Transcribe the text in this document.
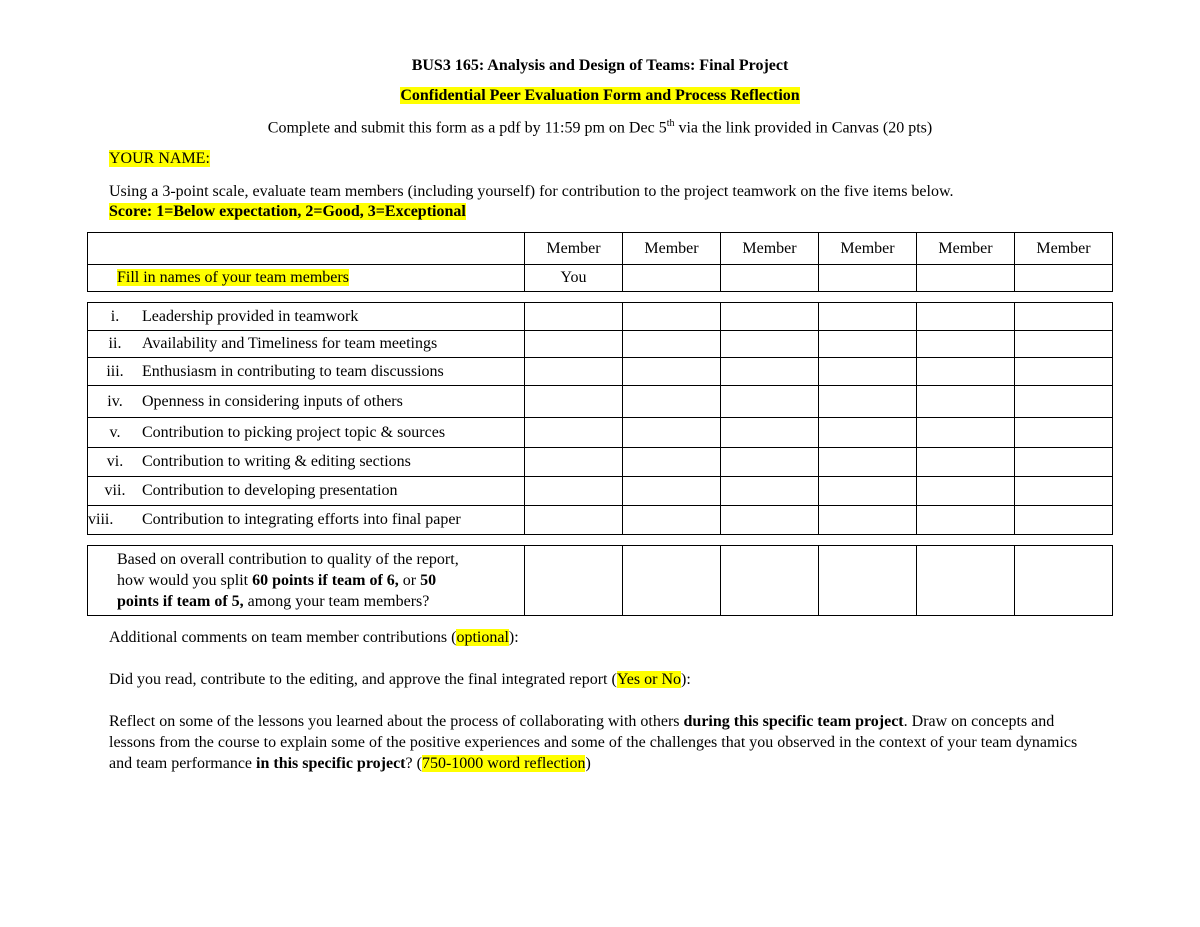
BUS3 165: Analysis and Design of Teams: Final Project
Confidential Peer Evaluation Form and Process Reflection
Complete and submit this form as a pdf by 11:59 pm on Dec 5th via the link provided in Canvas (20 pts)
YOUR NAME:
Using a 3-point scale, evaluate team members (including yourself) for contribution to the project teamwork on the five items below.
Score: 1=Below expectation, 2=Good, 3=Exceptional
	Member	Member	Member	Member	Member	Member
Fill in names of your team members	You					
i. Leadership provided in teamwork						
ii. Availability and Timeliness for team meetings						
iii. Enthusiasm in contributing to team discussions						
iv. Openness in considering inputs of others						
v. Contribution to picking project topic & sources						
vi. Contribution to writing & editing sections						
vii. Contribution to developing presentation						
viii. Contribution to integrating efforts into final paper						
Based on overall contribution to quality of the report,
how would you split 60 points if team of 6, or 50
points if team of 5, among your team members?						
Additional comments on team member contributions (optional):
Did you read, contribute to the editing, and approve the final integrated report (Yes or No):
Reflect on some of the lessons you learned about the process of collaborating with others during this specific team project. Draw on concepts and lessons from the course to explain some of the positive experiences and some of the challenges that you observed in the context of your team dynamics and team performance in this specific project? (750-1000 word reflection)
